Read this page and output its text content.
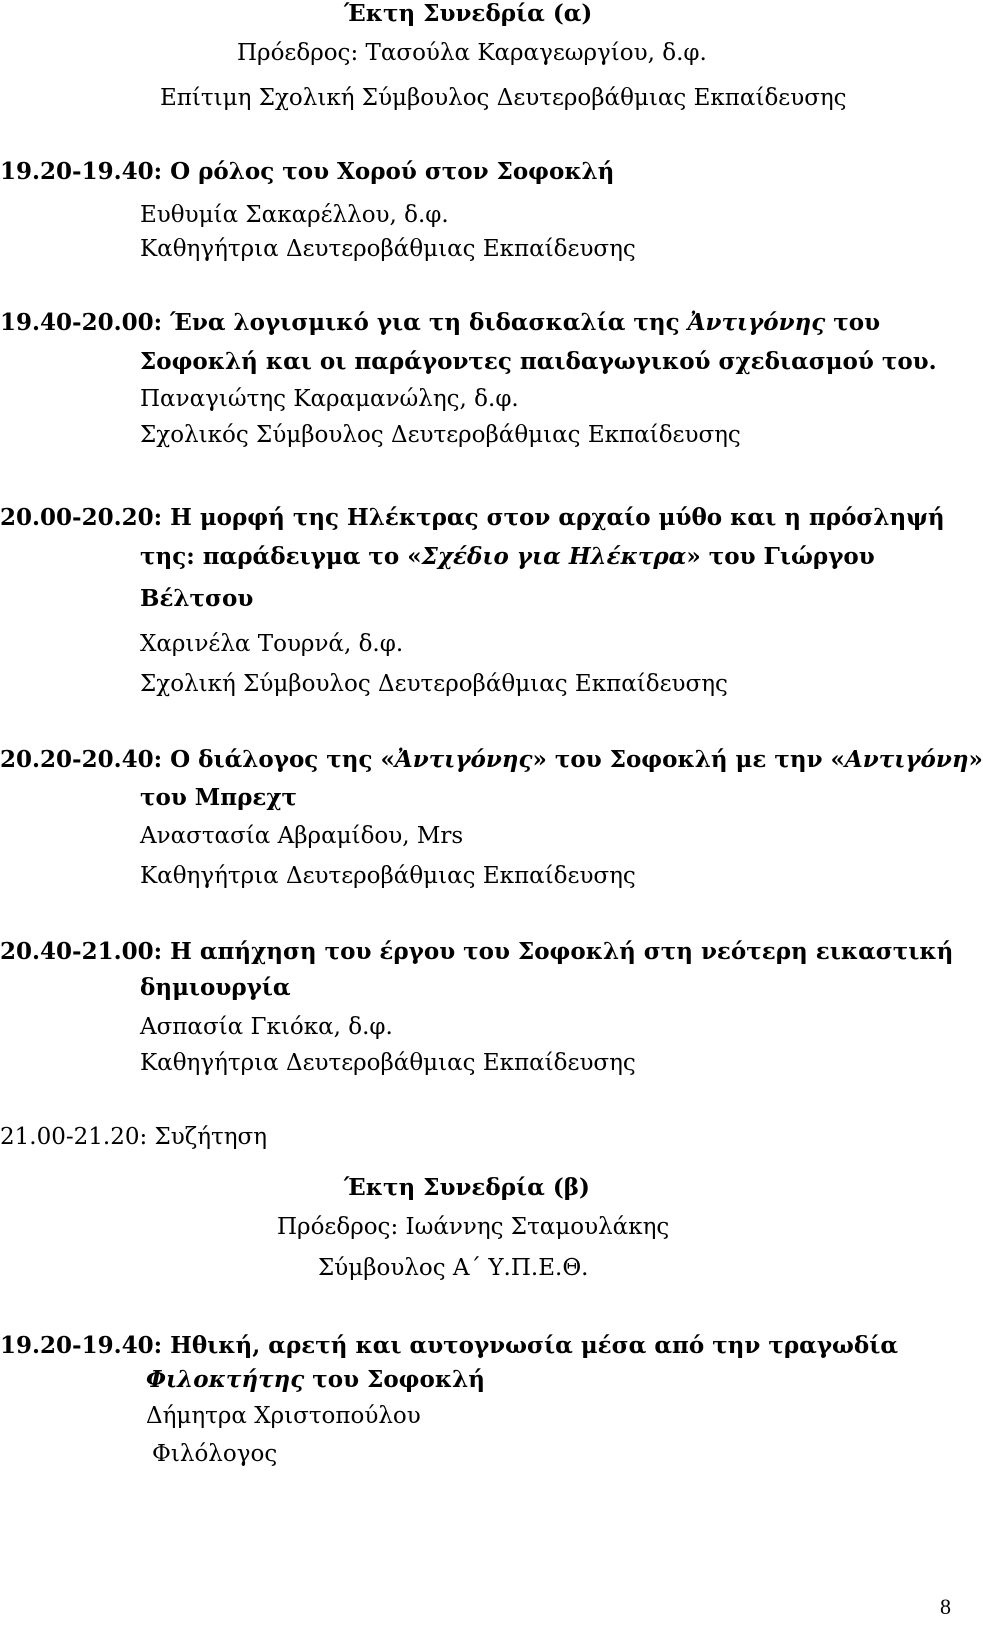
Έκτη Συνεδρία (α)
Πρόεδρος: Τασούλα Καραγεωργίου, δ.φ.
Επίτιμη Σχολική Σύμβουλος Δευτεροβάθμιας Εκπαίδευσης
19.20-19.40: Ο ρόλος του Χορού στον Σοφοκλή
Ευθυμία Σακαρέλλου, δ.φ.
Καθηγήτρια Δευτεροβάθμιας Εκπαίδευσης
19.40-20.00: Ένα λογισμικό για τη διδασκαλία της Ἀντιγόνης του
Σοφοκλή και οι παράγοντες παιδαγωγικού σχεδιασμού του.
Παναγιώτης Καραμανώλης, δ.φ.
Σχολικός Σύμβουλος Δευτεροβάθμιας Εκπαίδευσης
20.00-20.20: Η μορφή της Ηλέκτρας στον αρχαίο μύθο και η πρόσληψή
της: παράδειγμα το «Σχέδιο για Ηλέκτρα» του Γιώργου
Βέλτσου
Χαρινέλα Τουρνά, δ.φ.
Σχολική Σύμβουλος Δευτεροβάθμιας Εκπαίδευσης
20.20-20.40: Ο διάλογος της «Ἀντιγόνης» του Σοφοκλή με την «Αντιγόνη»
του Μπρεχτ
Αναστασία Αβραμίδου, Mrs
Καθηγήτρια Δευτεροβάθμιας Εκπαίδευσης
20.40-21.00: Η απήχηση του έργου του Σοφοκλή στη νεότερη εικαστική
δημιουργία
Ασπασία Γκιόκα, δ.φ.
Καθηγήτρια Δευτεροβάθμιας Εκπαίδευσης
21.00-21.20: Συζήτηση
Έκτη Συνεδρία (β)
Πρόεδρος: Ιωάννης Σταμουλάκης
Σύμβουλος Α΄ Υ.Π.Ε.Θ.
19.20-19.40: Ηθική, αρετή και αυτογνωσία μέσα από την τραγωδία
Φιλοκτήτης του Σοφοκλή
Δήμητρα Χριστοπούλου
Φιλόλογος
8
